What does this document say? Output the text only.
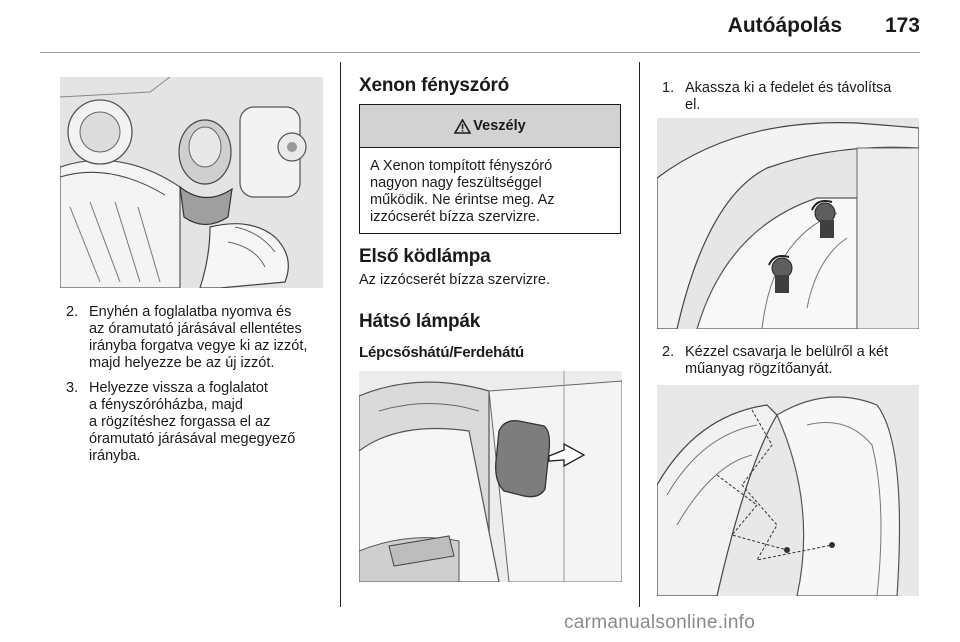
Autóápolás 173
2. Enyhén a foglalatba nyomva és
az óramutató járásával ellentétes
irányba forgatva vegye ki az izzót,
majd helyezze be az új izzót.
3. Helyezze vissza a foglalatot
a fényszóróházba, majd
a rögzítéshez forgassa el az
óramutató járásával megegyező
irányba.
Xenon fényszóró
Veszély
A Xenon tompított fényszóró
nagyon nagy feszültséggel
működik. Ne érintse meg. Az
izzócserét bízza szervizre.
Első ködlámpa

Az izzócserét bízza szervizre.

Hátsó lámpák
Lépcsőshátú/Ferdehátú
1. Akassza ki a fedelet és távolítsa
el.
2. Kézzel csavarja le belülről a két
műanyag rögzítőanyát.
carmanualsonline.info
